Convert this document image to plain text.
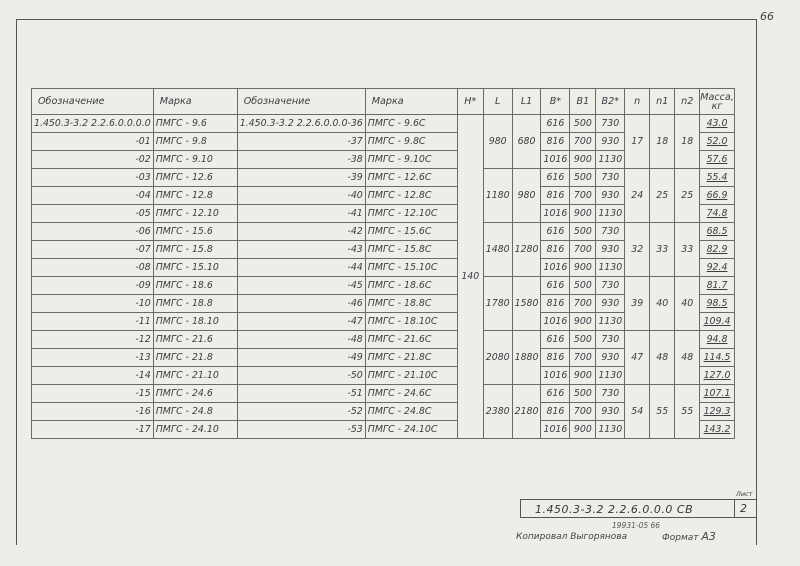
66
Обозначение	Марка	Обозначение	Марка	H*	L	L1	B*	B1	B2*	n	n1	n2	Масса, кг
1.450.3-3.2 2.2.6.0.0.0.0	ПМГС - 9.6	1.450.3-3.2 2.2.6.0.0.0-36	ПМГС - 9.6С	140	980	680	616	500	730	17	18	18	43.0
-01	ПМГС - 9.8	-37	ПМГС - 9.8С				816	700	930				52.0
-02	ПМГС - 9.10	-38	ПМГС - 9.10С				1016	900	1130				57.6
-03	ПМГС - 12.6	-39	ПМГС - 12.6С		1180	980	616	500	730	24	25	25	55.4
-04	ПМГС - 12.8	-40	ПМГС - 12.8С				816	700	930				66.9
-05	ПМГС - 12.10	-41	ПМГС - 12.10С				1016	900	1130				74.8
-06	ПМГС - 15.6	-42	ПМГС - 15.6С		1480	1280	616	500	730	32	33	33	68.5
-07	ПМГС - 15.8	-43	ПМГС - 15.8С				816	700	930				82.9
-08	ПМГС - 15.10	-44	ПМГС - 15.10С				1016	900	1130				92.4
-09	ПМГС - 18.6	-45	ПМГС - 18.6С		1780	1580	616	500	730	39	40	40	81.7
-10	ПМГС - 18.8	-46	ПМГС - 18.8С				816	700	930				98.5
-11	ПМГС - 18.10	-47	ПМГС - 18.10С				1016	900	1130				109.4
-12	ПМГС - 21.6	-48	ПМГС - 21.6С		2080	1880	616	500	730	47	48	48	94.8
-13	ПМГС - 21.8	-49	ПМГС - 21.8С				816	700	930				114.5
-14	ПМГС - 21.10	-50	ПМГС - 21.10С				1016	900	1130				127.0
-15	ПМГС - 24.6	-51	ПМГС - 24.6С		2380	2180	616	500	730	54	55	55	107.1
-16	ПМГС - 24.8	-52	ПМГС - 24.8С				816	700	930				129.3
-17	ПМГС - 24.10	-53	ПМГС - 24.10С				1016	900	1130				143.2
Лист
1.450.3-3.2 2.2.6.0.0.0 СВ	2
19931-05 66
Копировал Выгорянова	Формат А3
